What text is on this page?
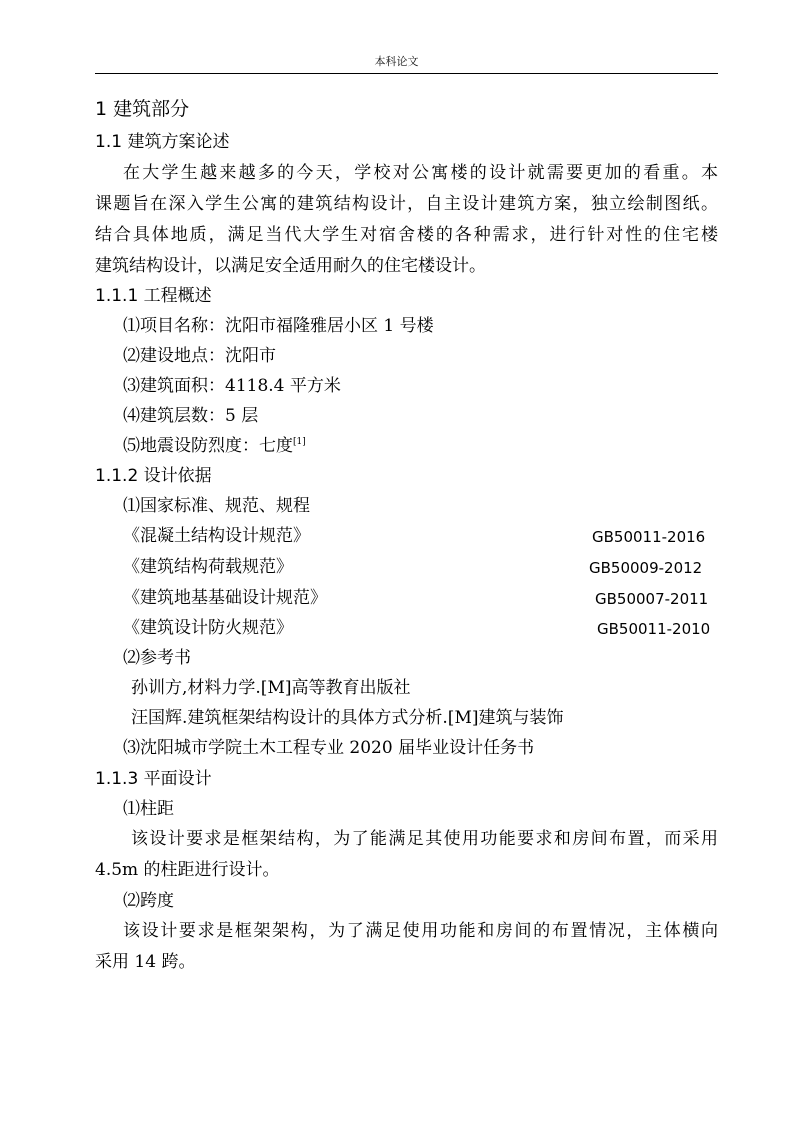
本科论文
1 建筑部分
1.1 建筑方案论述
在大学生越来越多的今天，学校对公寓楼的设计就需要更加的看重。本
课题旨在深入学生公寓的建筑结构设计，自主设计建筑方案，独立绘制图纸。
结合具体地质，满足当代大学生对宿舍楼的各种需求，进行针对性的住宅楼
建筑结构设计，以满足安全适用耐久的住宅楼设计。
1.1.1 工程概述
⑴项目名称：沈阳市福隆雅居小区 1 号楼
⑵建设地点：沈阳市
⑶建筑面积：4118.4 平方米
⑷建筑层数：5 层
⑸地震设防烈度：七度[1]
1.1.2 设计依据
⑴国家标准、规范、规程
《混凝土结构设计规范》	GB50011-2016
《建筑结构荷载规范》	GB50009-2012
《建筑地基基础设计规范》	GB50007-2011
《建筑设计防火规范》	GB50011-2010
⑵参考书
孙训方,材料力学.[M]高等教育出版社
汪国辉.建筑框架结构设计的具体方式分析.[M]建筑与装饰
⑶沈阳城市学院土木工程专业 2020 届毕业设计任务书
1.1.3 平面设计
⑴柱距
该设计要求是框架结构，为了能满足其使用功能要求和房间布置，而采用
4.5m 的柱距进行设计。
⑵跨度
该设计要求是框架架构，为了满足使用功能和房间的布置情况，主体横向
采用 14 跨。
